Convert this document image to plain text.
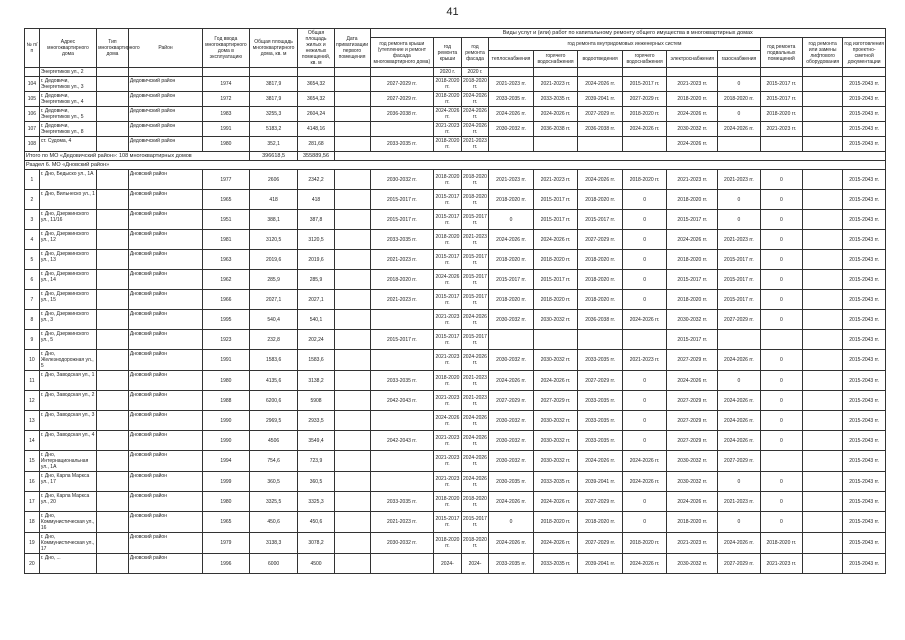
41
№ п/п	Адрес многоквартирного дома	Тип многоквартирного дома	Район	Год ввода многоквартирного дома в эксплуатацию	Общая площадь многоквартирного дома, кв. м	Общая площадь жилых и нежилых помещений, кв. м	Дата приватизации первого помещения	Виды услуг и (или) работ по капитальному ремонту общего имущества в многоквартирных домах											
								год ремонта крыши (утепление и ремонт фасада многоквартирного дома)	год ремонта крыши	год ремонта фасада	год ремонта внутридомовых инженерных систем						год ремонта подвальных помещений	год ремонта или замены лифтового оборудования	год изготовления проектно-сметной документации
											теплоснабжения	горячего водоснабжения	водоотведения	горячего водоснабжения	электроснабжения	газоснабжения			
	Энергетиков ул., 2								2020 г.	2020 г.									
104	г. Дедовичи, Энергетиков ул., 3		Дедовичский район	1974	3817,9	3654,32		2027-2029 гг.	2018-2020 гг.	2018-2020 гг.	2021-2023 гг.	2021-2023 гг.	2024-2026 гг.	2015-2017 гг.	2021-2023 гг.	0	2015-2017 гг.		2015-2043 гг.
105	г. Дедовичи, Энергетиков ул., 4		Дедовичский район	1972	3817,9	3654,32		2027-2029 гг.	2018-2020 гг.	2024-2026 гг.	2033-2035 гг.	2033-2035 гг.	2039-2041 гг.	2027-2029 гг.	2018-2020 гг.	2018-2020 гг.	2015-2017 гг.		2019-2043 гг.
106	г. Дедовичи, Энергетиков ул., 5		Дедовичский район	1983	3255,3	2604,24		2036-2038 гг.	2024-2026 гг.	2024-2026 гг.	2024-2026 гг.	2024-2026 гг.	2027-2029 гг.	2018-2020 гг.	2024-2026 гг.	0	2018-2020 гг.		2015-2043 гг.
107	г. Дедовичи, Энергетиков ул., 8		Дедовичский район	1991	5183,2	4148,16			2021-2023 гг.	2024-2026 гг.	2030-2032 гг.	2036-2038 гг.	2036-2038 гг.	2024-2026 гг.	2030-2032 гг.	2024-2026 гг.	2021-2023 гг.		2015-2043 гг.
108	ст. Судома, 4		Дедовичский район	1980	352,1	281,68		2033-2035 гг.	2018-2020 гг.	2021-2023 гг.					2024-2026 гг.				2015-2043 гг.
Итого по МО «Дедовичский район»: 108 многоквартирных домов					396618,5	355889,56													
Раздел 6. МО «Дновский район»																			
1	г. Дно, Бедыско ул., 1А		Дновский район	1977	2606	2342,2		2030-2032 гг.	2018-2020 гг.	2018-2020 гг.	2021-2023 гг.	2021-2023 гг.	2024-2026 гг.	2018-2020 гг.	2021-2023 гг.	2021-2023 гг.	0		2015-2043 гг.
2	г. Дно, Вильнеско ул., 1		Дновский район	1965	418	418		2015-2017 гг.	2015-2017 гг.	2018-2020 гг.	2018-2020 гг.	2015-2017 гг.	2018-2020 гг.	0	2018-2020 гг.	0	0		2015-2043 гг.
3	г. Дно, Дзержинского ул., 11/16		Дновский район	1951	388,1	387,8		2015-2017 гг.	2015-2017 гг.	2015-2017 гг.	0	2015-2017 гг.	2015-2017 гг.	0	2015-2017 гг.	0	0		2015-2043 гг.
4	г. Дно, Дзержинского ул., 12		Дновский район	1981	3120,5	3120,5		2033-2035 гг.	2018-2020 гг.	2021-2023 гг.	2024-2026 гг.	2024-2026 гг.	2027-2029 гг.	0	2024-2026 гг.	2021-2023 гг.	0		2015-2043 гг.
5	г. Дно, Дзержинского ул., 13		Дновский район	1963	2019,6	2019,6		2021-2023 гг.	2015-2017 гг.	2015-2017 гг.	2018-2020 гг.	2018-2020 гг.	2018-2020 гг.	0	2018-2020 гг.	2015-2017 гг.	0		2015-2043 гг.
6	г. Дно, Дзержинского ул., 14		Дновский район	1962	285,9	285,9		2018-2020 гг.	2024-2026 гг.	2015-2017 гг.	2015-2017 гг.	2015-2017 гг.	2018-2020 гг.	0	2015-2017 гг.	2015-2017 гг.	0		2015-2043 гг.
7	г. Дно, Дзержинского ул., 15		Дновский район	1966	2027,1	2027,1		2021-2023 гг.	2015-2017 гг.	2015-2017 гг.	2018-2020 гг.	2018-2020 гг.	2018-2020 гг.	0	2018-2020 гг.	2015-2017 гг.	0		2015-2043 гг.
8	г. Дно, Дзержинского ул., 3		Дновский район	1995	540,4	540,1			2021-2023 гг.	2024-2026 гг.	2030-2032 гг.	2030-2032 гг.	2036-2038 гг.	2024-2026 гг.	2030-2032 гг.	2027-2029 гг.	0		2015-2043 гг.
9	г. Дно, Дзержинского ул., 5		Дновский район	1923	232,8	202,24		2015-2017 гг.	2015-2017 гг.	2015-2017 гг.					2015-2017 гг.				2015-2043 гг.
10	г. Дно, Железнодорожная ул., 5		Дновский район	1991	1583,6	1583,6			2021-2023 гг.	2024-2026 гг.	2030-2032 гг.	2030-2032 гг.	2033-2035 гг.	2021-2023 гг.	2027-2029 гг.	2024-2026 гг.	0		2015-2043 гг.
11	г. Дно, Заводская ул., 1		Дновский район	1980	4135,6	3138,2		2033-2035 гг.	2018-2020 гг.	2021-2023 гг.	2024-2026 гг.	2024-2026 гг.	2027-2029 гг.	0	2024-2026 гг.	0	0		2015-2043 гг.
12	г. Дно, Заводская ул., 2		Дновский район	1988	6200,6	5908		2042-2043 гг.	2021-2023 гг.	2021-2023 гг.	2027-2029 гг.	2027-2029 гг.	2033-2035 гг.	0	2027-2029 гг.	2024-2026 гг.	0		2015-2043 гг.
13	г. Дно, Заводская ул., 3		Дновский район	1990	2969,5	2933,5			2024-2026 гг.	2024-2026 гг.	2030-2032 гг.	2030-2032 гг.	2033-2035 гг.	0	2027-2029 гг.	2024-2026 гг.	0		2015-2043 гг.
14	г. Дно, Заводская ул., 4		Дновский район	1990	4506	3549,4		2042-2043 гг.	2021-2023 гг.	2024-2026 гг.	2030-2032 гг.	2030-2032 гг.	2033-2035 гг.	0	2027-2029 гг.	2024-2026 гг.	0		2015-2043 гг.
15	г. Дно, Интернациональная ул., 1А		Дновский район	1994	754,6	723,9			2021-2023 гг.	2024-2026 гг.	2030-2032 гг.	2030-2032 гг.	2024-2026 гг.	2024-2026 гг.	2030-2032 гг.	2027-2029 гг.			2015-2043 гг.
16	г. Дно, Карла Маркса ул., 17		Дновский район	1999	360,5	360,5			2021-2023 гг.	2024-2026 гг.	2030-2035 гг.	2033-2035 гг.	2039-2041 гг.	2024-2026 гг.	2030-2032 гг.	0	0		2015-2043 гг.
17	г. Дно, Карла Маркса ул., 20		Дновский район	1980	3325,5	3325,3		2033-2035 гг.	2018-2020 гг.	2018-2020 гг.	2024-2026 гг.	2024-2026 гг.	2027-2029 гг.	0	2024-2026 гг.	2021-2023 гг.	0		2015-2043 гг.
18	г. Дно, Коммунистическая ул., 16		Дновский район	1965	450,6	450,6		2021-2023 гг.	2015-2017 гг.	2015-2017 гг.	0	2018-2020 гг.	2018-2020 гг.	0	2018-2020 гг.	0	0		2015-2043 гг.
19	г. Дно, Коммунистическая ул., 17		Дновский район	1979	3138,3	3078,2		2030-2032 гг.	2018-2020 гг.	2018-2020 гг.	2024-2026 гг.	2024-2026 гг.	2027-2029 гг.	2018-2020 гг.	2021-2023 гг.	2024-2026 гг.	2018-2020 гг.		2015-2043 гг.
20	г. Дно, ...		Дновский район	1996	6000	4500			2024-	2024-	2033-2035 гг.	2033-2035 гг.	2039-2041 гг.	2024-2026 гг.	2030-2032 гг.	2027-2029 гг.	2021-2023 гг.		2015-2043 гг.
